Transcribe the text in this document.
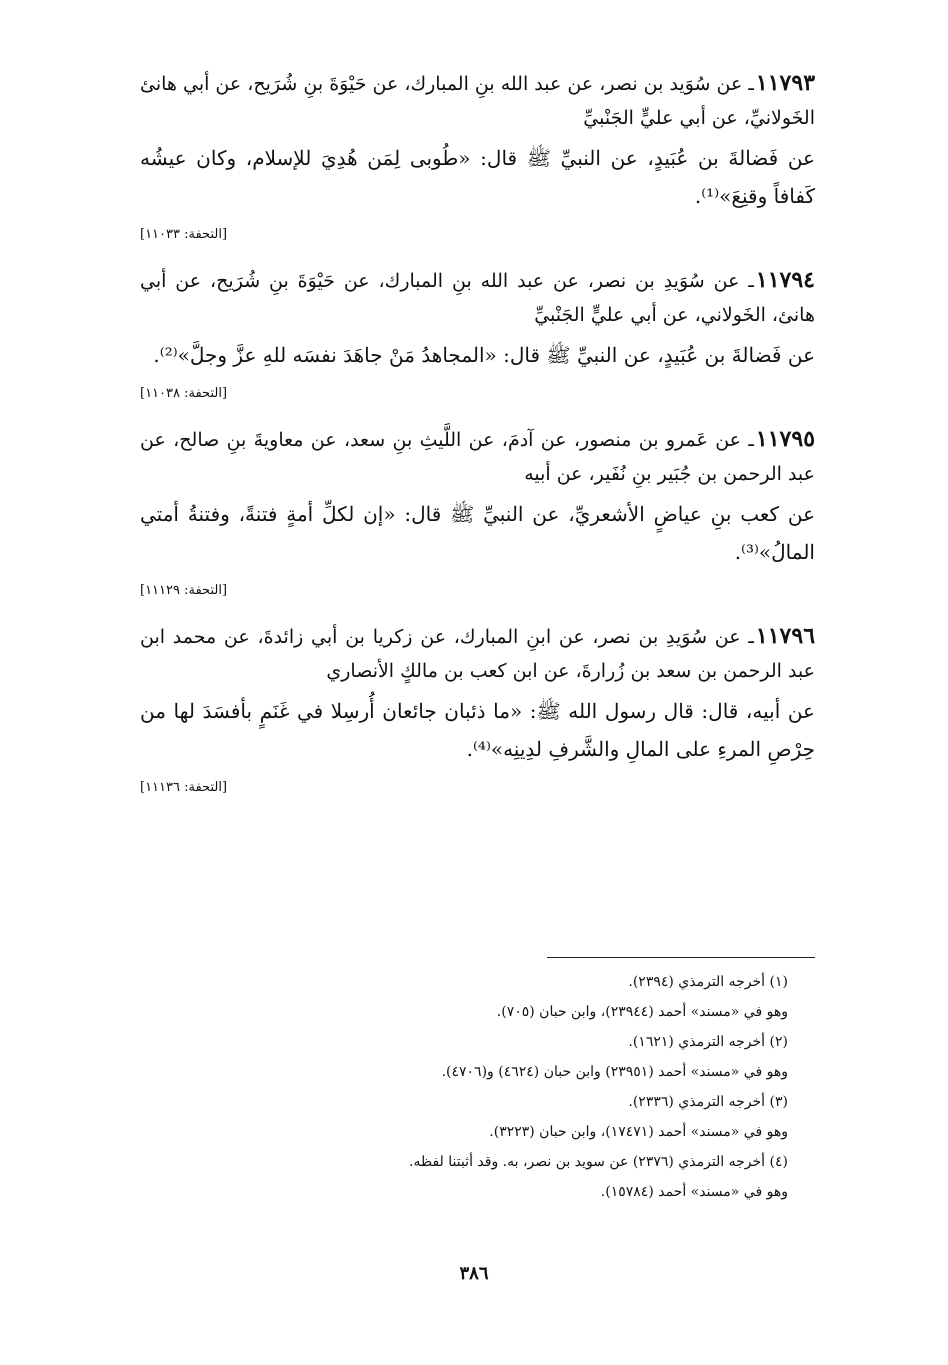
١١٧٩٣ـ عن سُوَيد بن نصر، عن عبد الله بنِ المبارك، عن حَيْوَةَ بنِ شُرَيح، عن أبي هانئ الخَولانيِّ، عن أبي عليٍّ الجَنْبيِّ

عن فَضالةَ بن عُبَيدٍ، عن النبيِّ ﷺ قال: «طُوبى لِمَن هُدِيَ للإسلام، وكان عيشُه كَفافاً وقنِعَ»⁽¹⁾.

[التحفة: ١١٠٣٣]

١١٧٩٤ـ عن سُوَيدِ بن نصر، عن عبد الله بنِ المبارك، عن حَيْوَةَ بنِ شُرَيح، عن أبي هانئ، الخَولاني، عن أبي عليٍّ الجَنْبيِّ

عن فَضالةَ بن عُبَيدٍ، عن النبيِّ ﷺ قال: «المجاهدُ مَنْ جاهَدَ نفسَه للهِ عزَّ وجلَّ»⁽²⁾.

[التحفة: ١١٠٣٨]

١١٧٩٥ـ عن عَمرو بن منصور، عن آدمَ، عن اللَّيثِ بنِ سعد، عن معاويةَ بنِ صالح، عن عبد الرحمن بن جُبَير بنِ نُفَير، عن أبيه

عن كعب بنِ عياضٍ الأشعريِّ، عن النبيِّ ﷺ قال: «إن لكلِّ أمةٍ فتنةً، وفتنةُ أمتي المالُ»⁽³⁾.

[التحفة: ١١١٢٩]

١١٧٩٦ـ عن سُوَيدِ بن نصر، عن ابنِ المبارك، عن زكريا بن أبي زائدةَ، عن محمد ابن عبد الرحمن بن سعد بن زُرارةَ، عن ابن كعب بن مالكٍ الأنصاري

عن أبيه، قال: قال رسول الله ﷺ: «ما ذئبان جائعان أُرسِلا في غَنَمٍ بأفسَدَ لها من حِرْصِ المرءِ على المالِ والشَّرفِ لدِينِه»⁽⁴⁾.

[التحفة: ١١١٣٦]
(١) أخرجه الترمذي (٢٣٩٤).
وهو في «مسند» أحمد (٢٣٩٤٤)، وابن حبان (٧٠٥).
(٢) أخرجه الترمذي (١٦٢١).
وهو في «مسند» أحمد (٢٣٩٥١) وابن حبان (٤٦٢٤) و(٤٧٠٦).
(٣) أخرجه الترمذي (٢٣٣٦).
وهو في «مسند» أحمد (١٧٤٧١)، وابن حبان (٣٢٢٣).
(٤) أخرجه الترمذي (٢٣٧٦) عن سويد بن نصر، به. وقد أثبتنا لفظه.
وهو في «مسند» أحمد (١٥٧٨٤).
٣٨٦
